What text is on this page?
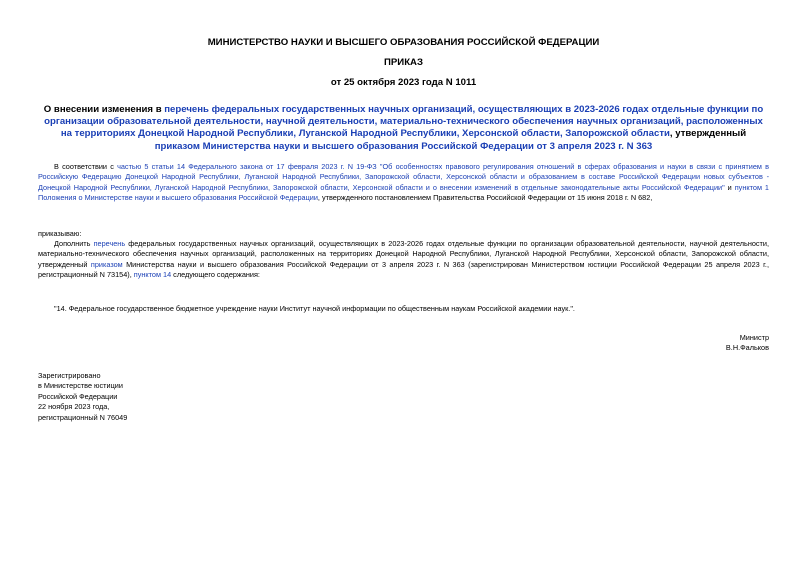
МИНИСТЕРСТВО НАУКИ И ВЫСШЕГО ОБРАЗОВАНИЯ РОССИЙСКОЙ ФЕДЕРАЦИИ
ПРИКАЗ
от 25 октября 2023 года N 1011
О внесении изменения в перечень федеральных государственных научных организаций, осуществляющих в 2023-2026 годах отдельные функции по организации образовательной деятельности, научной деятельности, материально-технического обеспечения научных организаций, расположенных на территориях Донецкой Народной Республики, Луганской Народной Республики, Херсонской области, Запорожской области, утвержденный приказом Министерства науки и высшего образования Российской Федерации от 3 апреля 2023 г. N 363
В соответствии с частью 5 статьи 14 Федерального закона от 17 февраля 2023 г. N 19-ФЗ "Об особенностях правового регулирования отношений в сферах образования и науки в связи с принятием в Российскую Федерацию Донецкой Народной Республики, Луганской Народной Республики, Запорожской области, Херсонской области и образованием в составе Российской Федерации новых субъектов - Донецкой Народной Республики, Луганской Народной Республики, Запорожской области, Херсонской области и о внесении изменений в отдельные законодательные акты Российской Федерации" и пунктом 1 Положения о Министерстве науки и высшего образования Российской Федерации, утвержденного постановлением Правительства Российской Федерации от 15 июня 2018 г. N 682,
приказываю:
Дополнить перечень федеральных государственных научных организаций, осуществляющих в 2023-2026 годах отдельные функции по организации образовательной деятельности, научной деятельности, материально-технического обеспечения научных организаций, расположенных на территориях Донецкой Народной Республики, Луганской Народной Республики, Херсонской области, Запорожской области, утвержденный приказом Министерства науки и высшего образования Российской Федерации от 3 апреля 2023 г. N 363 (зарегистрирован Министерством юстиции Российской Федерации 25 апреля 2023 г., регистрационный N 73154), пунктом 14 следующего содержания:
"14. Федеральное государственное бюджетное учреждение науки Институт научной информации по общественным наукам Российской академии наук.".
Министр
В.Н.Фальков
Зарегистрировано
в Министерстве юстиции
Российской Федерации
22 ноября 2023 года,
регистрационный N 76049
